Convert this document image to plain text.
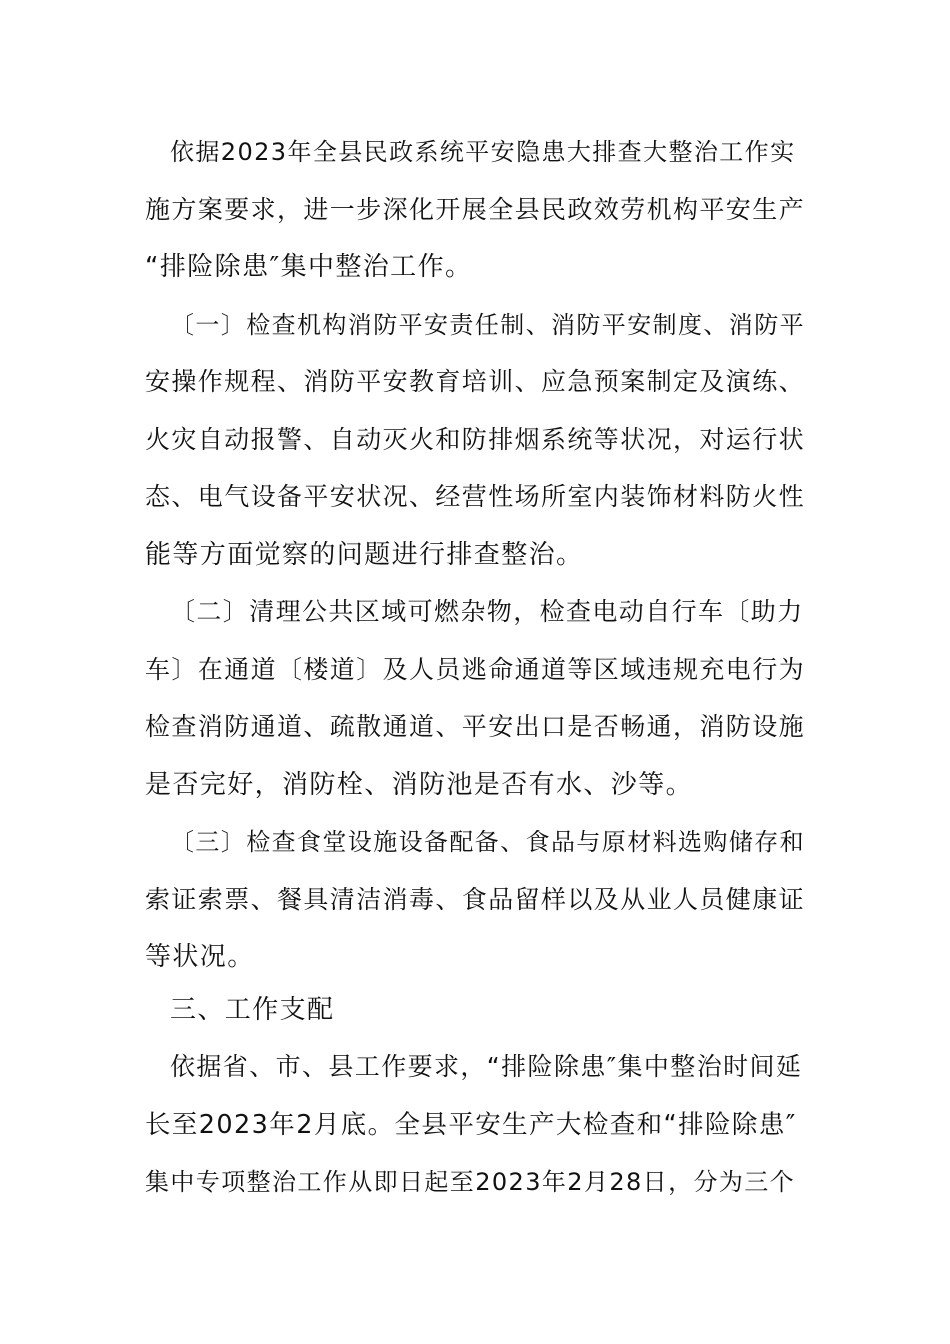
依据2023年全县民政系统平安隐患大排查大整治工作实
施方案要求，进一步深化开展全县民政效劳机构平安生产
“排险除患″集中整治工作。
〔一〕检查机构消防平安责任制、消防平安制度、消防平
安操作规程、消防平安教育培训、应急预案制定及演练、
火灾自动报警、自动灭火和防排烟系统等状况，对运行状
态、电气设备平安状况、经营性场所室内装饰材料防火性
能等方面觉察的问题进行排查整治。
〔二〕清理公共区域可燃杂物，检查电动自行车〔助力
车〕在通道〔楼道〕及人员逃命通道等区域违规充电行为
检查消防通道、疏散通道、平安出口是否畅通，消防设施
是否完好，消防栓、消防池是否有水、沙等。
〔三〕检查食堂设施设备配备、食品与原材料选购储存和
索证索票、餐具清洁消毒、食品留样以及从业人员健康证
等状况。
三、工作支配
依据省、市、县工作要求，“排险除患″集中整治时间延
长至2023年2月底。全县平安生产大检查和“排险除患″
集中专项整治工作从即日起至2023年2月28日，分为三个
